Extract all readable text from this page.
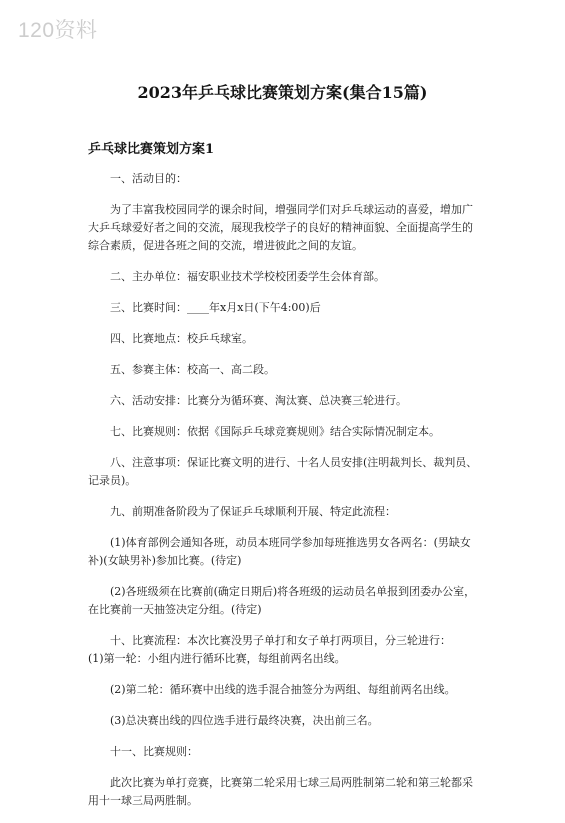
120资料
2023年乒乓球比赛策划方案(集合15篇)
乒乓球比赛策划方案1

一、活动目的：

为了丰富我校园同学的课余时间，增强同学们对乒乓球运动的喜爱，增加广大乒乓球爱好者之间的交流，展现我校学子的良好的精神面貌、全面提高学生的综合素质，促进各班之间的交流，增进彼此之间的友谊。

二、主办单位：福安职业技术学校校团委学生会体育部。

三、比赛时间：____年x月x日(下午4:00)后

四、比赛地点：校乒乓球室。

五、参赛主体：校高一、高二段。

六、活动安排：比赛分为循环赛、淘汰赛、总决赛三轮进行。

七、比赛规则：依据《国际乒乓球竞赛规则》结合实际情况制定本。

八、注意事项：保证比赛文明的进行、十名人员安排(注明裁判长、裁判员、记录员)。

九、前期准备阶段为了保证乒乓球顺利开展、特定此流程：

(1)体育部例会通知各班，动员本班同学参加每班推选男女各两名：(男缺女补)(女缺男补)参加比赛。(待定)

(2)各班级须在比赛前(确定日期后)将各班级的运动员名单报到团委办公室，在比赛前一天抽签决定分组。(待定)

十、比赛流程：本次比赛没男子单打和女子单打两项目，分三轮进行：

(1)第一轮：小组内进行循环比赛，每组前两名出线。

(2)第二轮：循环赛中出线的选手混合抽签分为两组、每组前两名出线。

(3)总决赛出线的四位选手进行最终决赛，决出前三名。

十一、比赛规则：

此次比赛为单打竞赛，比赛第二轮采用七球三局两胜制第二轮和第三轮都采用十一球三局两胜制。
